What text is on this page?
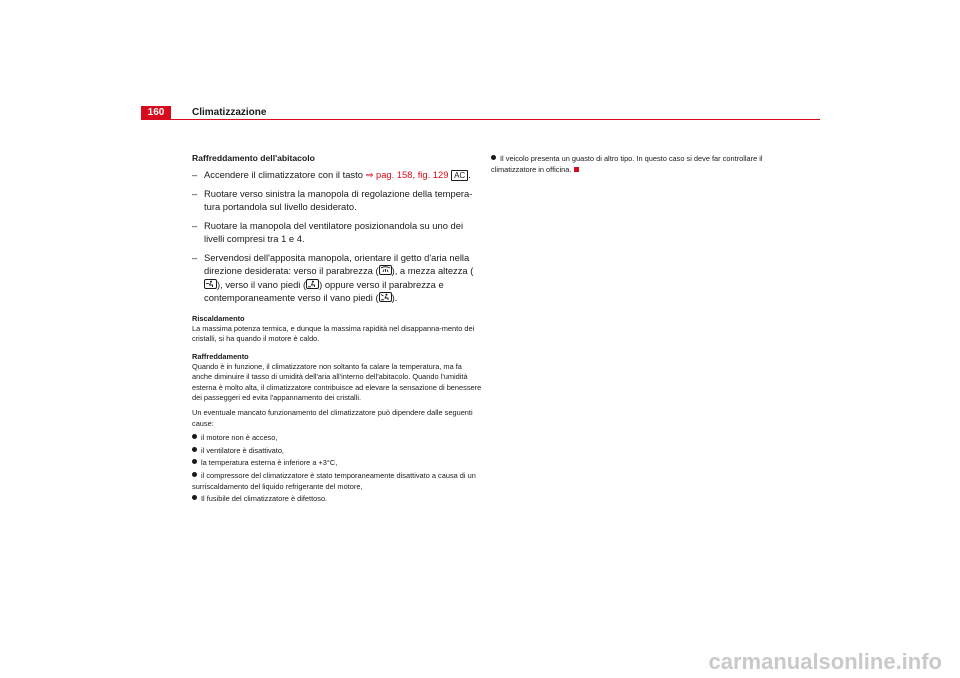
160	Climatizzazione

Raffreddamento dell'abitacolo

– Accendere il climatizzatore con il tasto ⇒ pag. 158, fig. 129 AC .
– Ruotare verso sinistra la manopola di regolazione della tempera-tura portandola sul livello desiderato.
– Ruotare la manopola del ventilatore posizionandola su uno dei livelli compresi tra 1 e 4.
– Servendosi dell'apposita manopola, orientare il getto d'aria nella direzione desiderata: verso il parabrezza ( ), a mezza altezza (
), verso il vano piedi ( ) oppure verso il parabrezza e contemporaneamente verso il vano piedi ( ).

Riscaldamento

La massima potenza termica, e dunque la massima rapidità nel disappanna-mento dei cristalli, si ha quando il motore è caldo.

Raffreddamento

Quando è in funzione, il climatizzatore non soltanto fa calare la temperatura, ma fa anche diminuire il tasso di umidità dell'aria all'interno dell'abitacolo. Quando l'umidità esterna è molto alta, il climatizzatore contribuisce ad elevare la sensazione di benessere dei passeggeri ed evita l'appannamento dei cristalli.

Un eventuale mancato funzionamento del climatizzatore può dipendere dalle seguenti cause:

il motore non è acceso,
il ventilatore è disattivato,
la temperatura esterna è inferiore a +3°C,
il compressore del climatizzatore è stato temporaneamente disattivato a causa di un surriscaldamento del liquido refrigerante del motore,
Il fusibile del climatizzatore è difettoso.
Il veicolo presenta un guasto di altro tipo. In questo caso si deve far controllare il climatizzatore in officina.
carmanualsonline.info
